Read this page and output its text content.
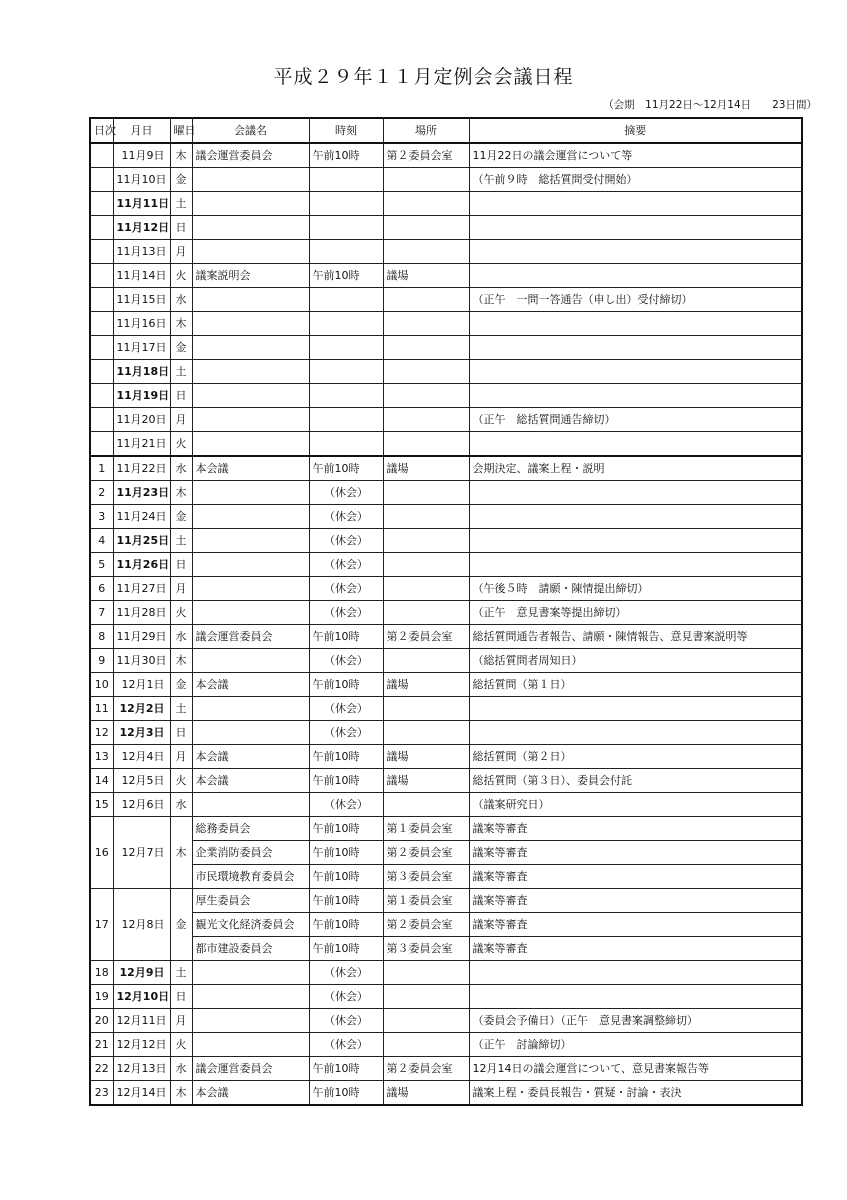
平成２９年１１月定例会会議日程
（会期　11月22日～12月14日　　23日間）
日次	月日	曜日	会議名	時刻	場所	摘要
	11月9日	木	議会運営委員会	午前10時	第２委員会室	11月22日の議会運営について等
	11月10日	金				（午前９時　総括質問受付開始）
	11月11日	土				
	11月12日	日				
	11月13日	月				
	11月14日	火	議案説明会	午前10時	議場	
	11月15日	水				（正午　一問一答通告（申し出）受付締切）
	11月16日	木				
	11月17日	金				
	11月18日	土				
	11月19日	日				
	11月20日	月				（正午　総括質問通告締切）
	11月21日	火				
1	11月22日	水	本会議	午前10時	議場	会期決定、議案上程・説明
2	11月23日	木		（休会）		
3	11月24日	金		（休会）		
4	11月25日	土		（休会）		
5	11月26日	日		（休会）		
6	11月27日	月		（休会）		（午後５時　請願・陳情提出締切）
7	11月28日	火		（休会）		（正午　意見書案等提出締切）
8	11月29日	水	議会運営委員会	午前10時	第２委員会室	総括質問通告者報告、請願・陳情報告、意見書案説明等
9	11月30日	木		（休会）		（総括質問者周知日）
10	12月1日	金	本会議	午前10時	議場	総括質問（第１日）
11	12月2日	土		（休会）		
12	12月3日	日		（休会）		
13	12月4日	月	本会議	午前10時	議場	総括質問（第２日）
14	12月5日	火	本会議	午前10時	議場	総括質問（第３日）、委員会付託
15	12月6日	水		（休会）		（議案研究日）
16	12月7日	木	総務委員会	午前10時	第１委員会室	議案等審査
			企業消防委員会	午前10時	第２委員会室	議案等審査
			市民環境教育委員会	午前10時	第３委員会室	議案等審査
17	12月8日	金	厚生委員会	午前10時	第１委員会室	議案等審査
			観光文化経済委員会	午前10時	第２委員会室	議案等審査
			都市建設委員会	午前10時	第３委員会室	議案等審査
18	12月9日	土		（休会）		
19	12月10日	日		（休会）		
20	12月11日	月		（休会）		（委員会予備日）（正午　意見書案調整締切）
21	12月12日	火		（休会）		（正午　討論締切）
22	12月13日	水	議会運営委員会	午前10時	第２委員会室	12月14日の議会運営について、意見書案報告等
23	12月14日	木	本会議	午前10時	議場	議案上程・委員長報告・質疑・討論・表決
